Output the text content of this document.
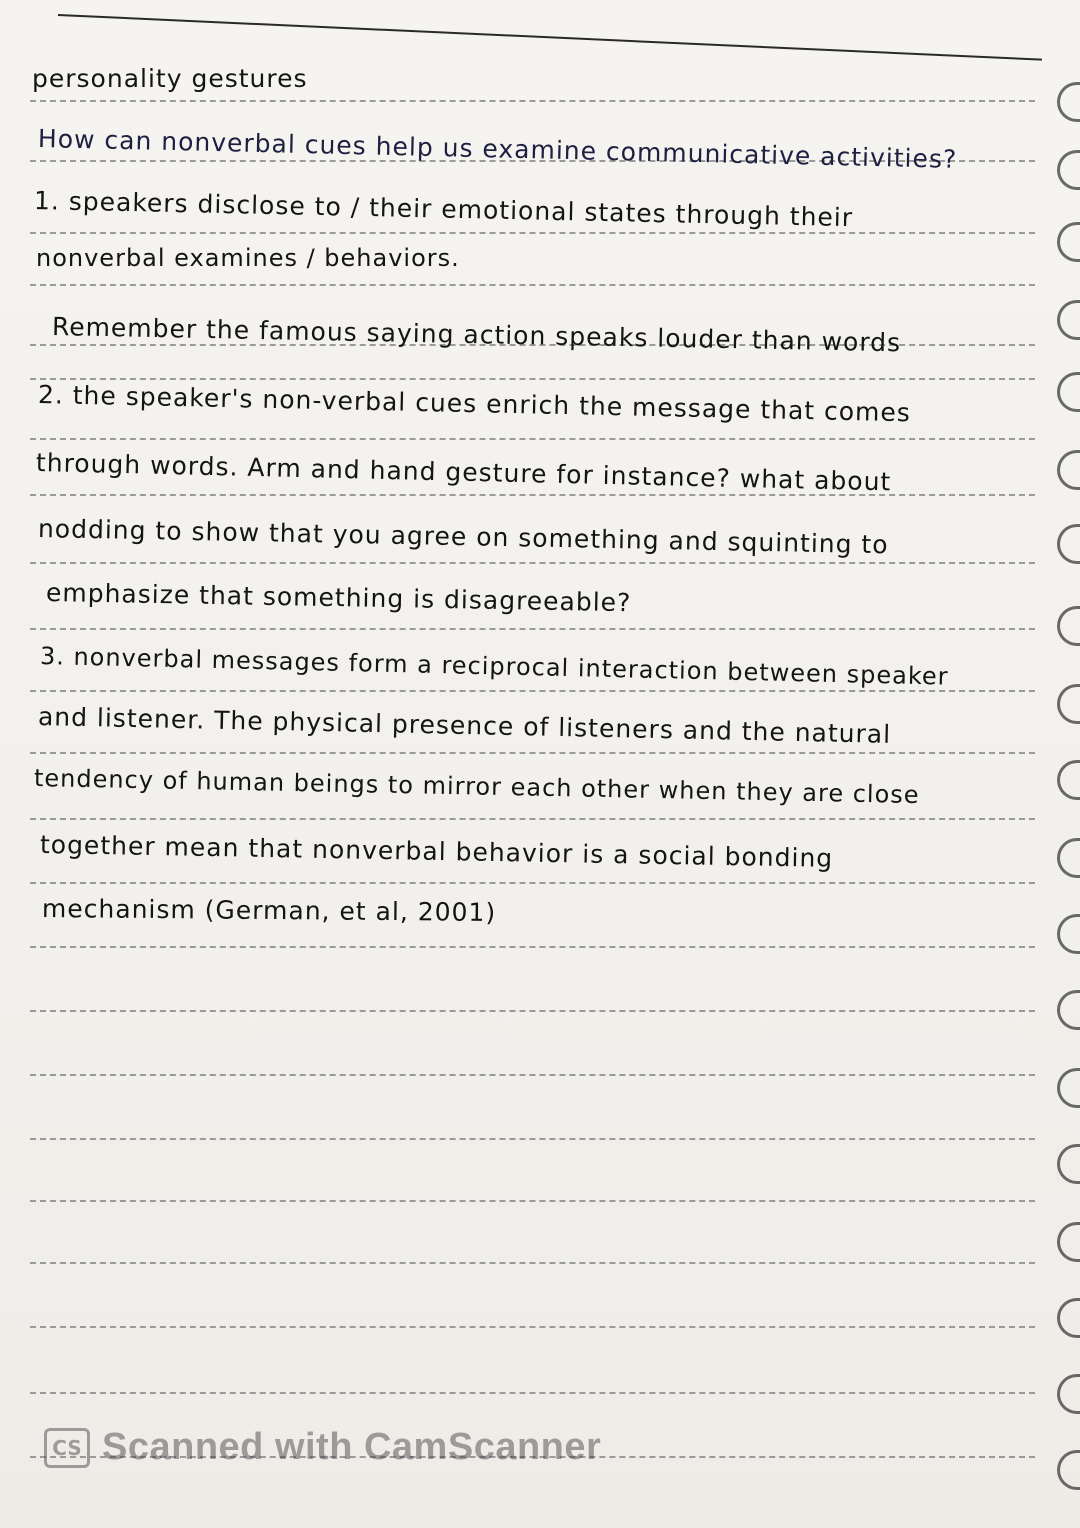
personality gestures
How can nonverbal cues help us examine communicative activities?
1. speakers disclose to / their emotional states through their
nonverbal examines / behaviors.
Remember the famous saying action speaks louder than words
2. the speaker's non-verbal cues enrich the message that comes
through words. Arm and hand gesture for instance? what about
nodding to show that you agree on something and squinting to
emphasize that something is disagreeable?
3. nonverbal messages form a reciprocal interaction between speaker
and listener. The physical presence of listeners and the natural
tendency of human beings to mirror each other when they are close
together mean that nonverbal behavior is a social bonding
mechanism (German, et al, 2001)
CS Scanned with CamScanner
